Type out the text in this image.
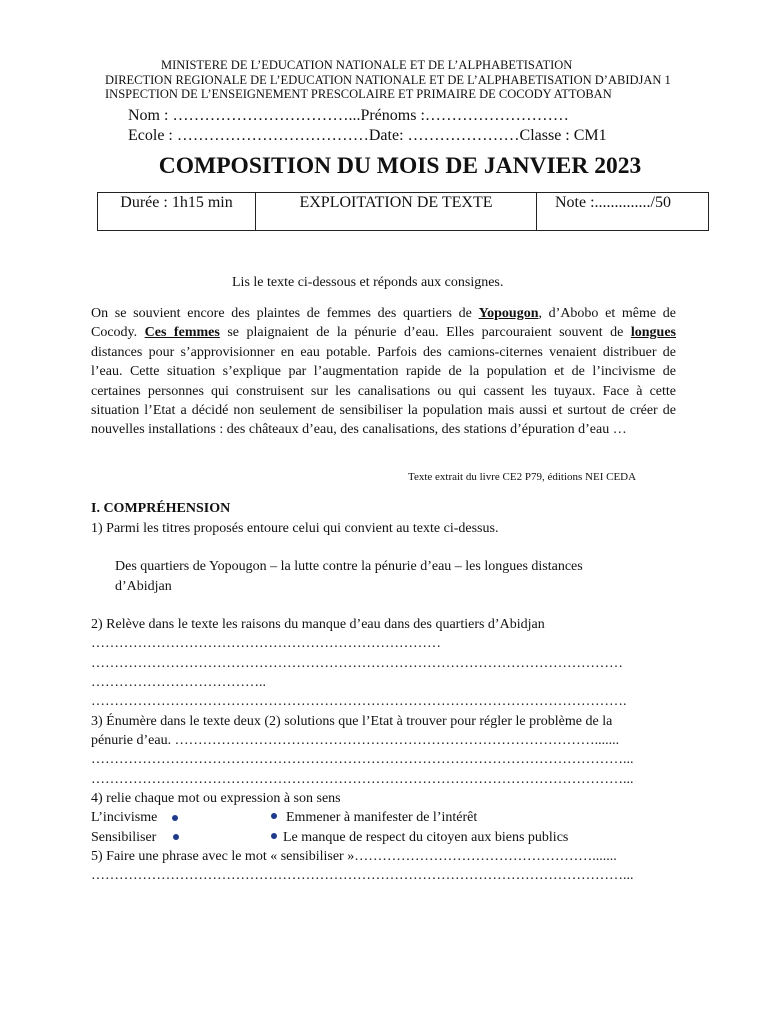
MINISTERE DE L’EDUCATION NATIONALE ET DE L’ALPHABETISATION
DIRECTION REGIONALE DE L’EDUCATION NATIONALE ET DE L’ALPHABETISATION D’ABIDJAN 1
INSPECTION DE L’ENSEIGNEMENT PRESCOLAIRE ET PRIMAIRE DE COCODY ATTOBAN
Nom : ……………………………...Prénoms :………………………
Ecole : ………………………………Date: …………………Classe : CM1
COMPOSITION DU MOIS DE JANVIER 2023
Durée : 1h15 min	EXPLOITATION DE TEXTE	Note :............../50
Lis le texte ci-dessous et réponds aux consignes.
On se souvient encore des plaintes de femmes des quartiers de Yopougon, d’Abobo et même de Cocody. Ces femmes se plaignaient de la pénurie d’eau. Elles parcouraient souvent de longues distances pour s’approvisionner en eau potable. Parfois des camions-citernes venaient distribuer de l’eau. Cette situation s’explique par l’augmentation rapide de la population et de l’incivisme de certaines personnes qui construisent sur les canalisations ou qui cassent les tuyaux. Face à cette situation l’Etat a décidé non seulement de sensibiliser la population mais aussi et surtout de créer de nouvelles installations : des châteaux d’eau, des canalisations, des stations d’épuration d’eau …
Texte extrait du livre CE2 P79, éditions NEI CEDA
I. COMPRÉHENSION
1) Parmi les titres proposés entoure celui qui convient au texte ci-dessus.
Des quartiers de Yopougon – la lutte contre la pénurie d’eau – les longues distances
d’Abidjan
2) Relève dans le texte les raisons du manque d’eau dans des quartiers d’Abidjan
…………………………………………………………………
……………………………………………………………………………………………………
………………………………..
…………………………………………………………………………………………………….
3) Énumère dans le texte deux (2) solutions que l’Etat à trouver pour régler le problème de la
pénurie d’eau. ……………………………………………………………………………….......
……………………………………………………………………………………………………...
……………………………………………………………………………………………………...
4) relie chaque mot ou expression à son sens
L’incivisme	Emmener à manifester de l’intérêt
Sensibiliser	Le manque de respect du citoyen aux biens publics
5) Faire une phrase avec le mot « sensibiliser »…………………………………………….......
……………………………………………………………………………………………………...
